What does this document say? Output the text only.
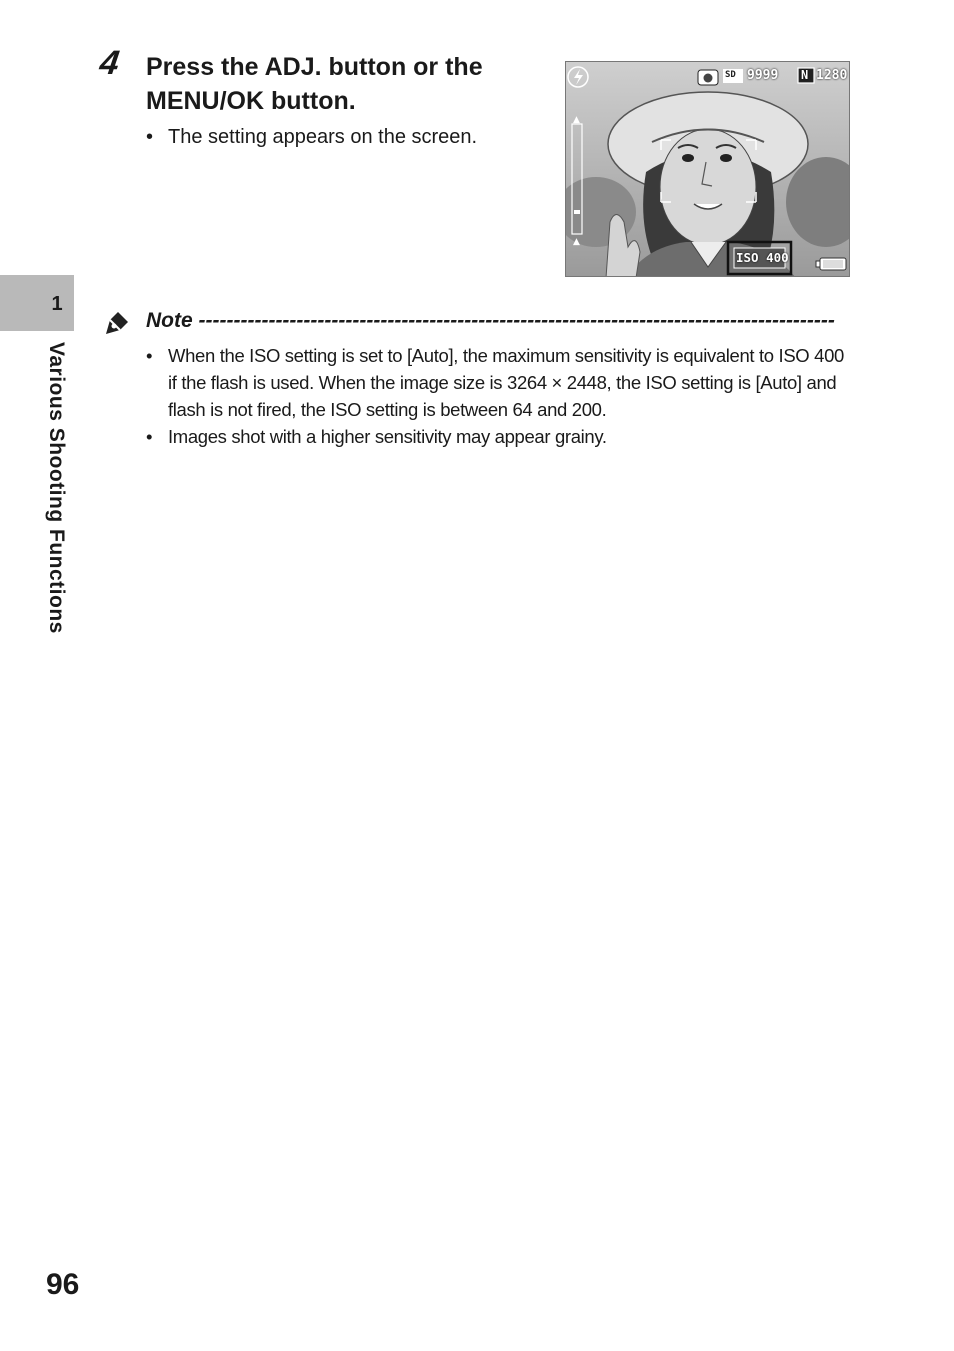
1
Various Shooting Functions
4 Press the ADJ. button or the MENU/OK button.
• The setting appears on the screen.
▲
▲
SD 9999 N 1280
ISO 400
Note -------------------------------------------------------------------------------------------
• When the ISO setting is set to [Auto], the maximum sensitivity is equivalent to ISO 400 if the flash is used. When the image size is 3264 × 2448, the ISO setting is [Auto] and flash is not fired, the ISO setting is between 64 and 200.
• Images shot with a higher sensitivity may appear grainy.
96
